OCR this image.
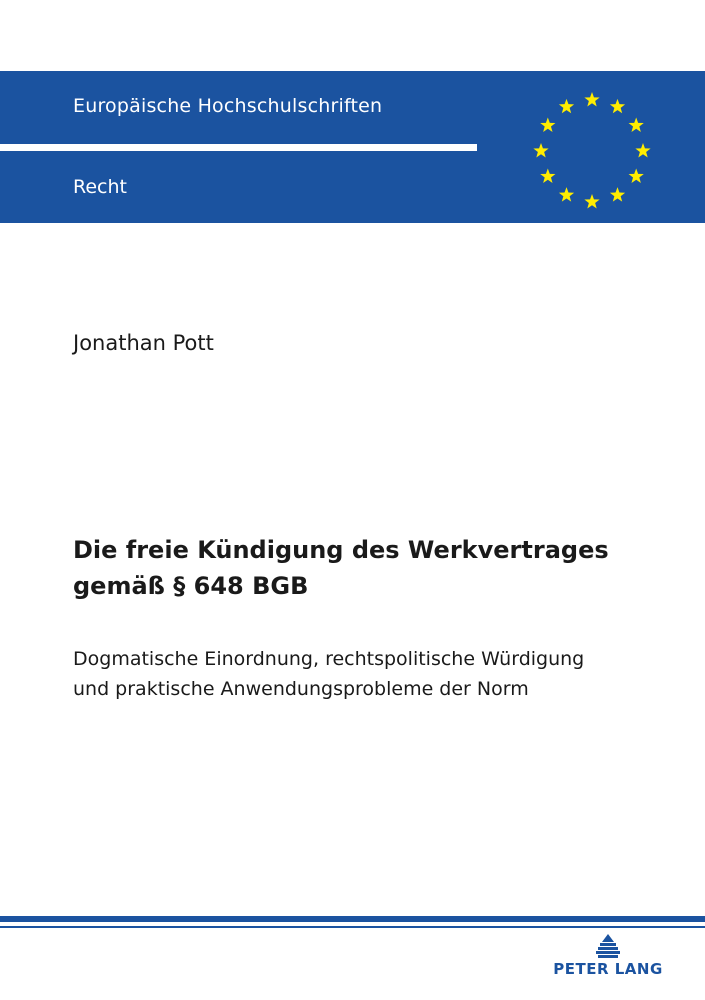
Europäische Hochschulschriften
Recht
Jonathan Pott
Die freie Kündigung des Werkvertrages
gemäß § 648 BGB
Dogmatische Einordnung, rechtspolitische Würdigung
und praktische Anwendungsprobleme der Norm
PETER LANG
